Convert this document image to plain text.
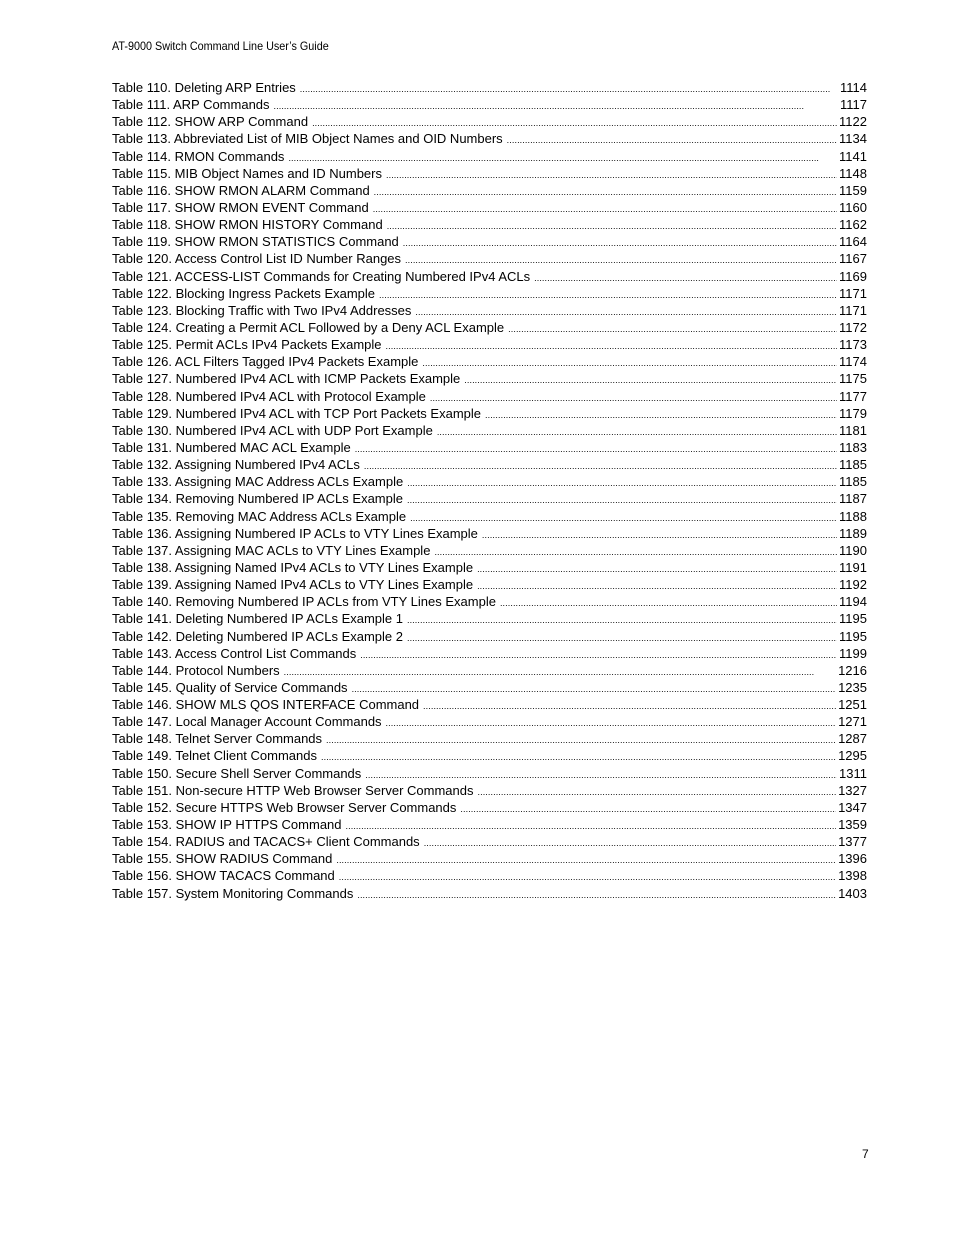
AT-9000 Switch Command Line User’s Guide
Table 110. Deleting ARP Entries . . .	1114
Table 111. ARP Commands . . .	1117
Table 112. SHOW ARP Command . . .	1122
Table 113. Abbreviated List of MIB Object Names and OID Numbers . . .	1134
Table 114. RMON Commands . . .	1141
Table 115. MIB Object Names and ID Numbers . . .	1148
Table 116. SHOW RMON ALARM Command . . .	1159
Table 117. SHOW RMON EVENT Command . . .	1160
Table 118. SHOW RMON HISTORY Command . . .	1162
Table 119. SHOW RMON STATISTICS Command . . .	1164
Table 120. Access Control List ID Number Ranges . . .	1167
Table 121. ACCESS-LIST Commands for Creating Numbered IPv4 ACLs . . .	1169
Table 122. Blocking Ingress Packets Example . . .	1171
Table 123. Blocking Traffic with Two IPv4 Addresses . . .	1171
Table 124. Creating a Permit ACL Followed by a Deny ACL Example . . .	1172
Table 125. Permit ACLs IPv4 Packets Example . . .	1173
Table 126. ACL Filters Tagged IPv4 Packets Example . . .	1174
Table 127. Numbered IPv4 ACL with ICMP Packets Example . . .	1175
Table 128. Numbered IPv4 ACL with Protocol Example . . .	1177
Table 129. Numbered IPv4 ACL with TCP Port Packets Example . . .	1179
Table 130. Numbered IPv4 ACL with UDP Port Example . . .	1181
Table 131. Numbered MAC ACL Example . . .	1183
Table 132. Assigning Numbered IPv4 ACLs . . .	1185
Table 133. Assigning MAC Address ACLs Example . . .	1185
Table 134. Removing Numbered IP ACLs Example . . .	1187
Table 135. Removing MAC Address ACLs Example . . .	1188
Table 136. Assigning Numbered IP ACLs to VTY Lines Example . . .	1189
Table 137. Assigning MAC ACLs to VTY Lines Example . . .	1190
Table 138. Assigning Named IPv4 ACLs to VTY Lines Example . . .	1191
Table 139. Assigning Named IPv4 ACLs to VTY Lines Example . . .	1192
Table 140. Removing Numbered IP ACLs from VTY Lines Example . . .	1194
Table 141. Deleting Numbered IP ACLs Example 1 . . .	1195
Table 142. Deleting Numbered IP ACLs Example 2 . . .	1195
Table 143. Access Control List Commands . . .	1199
Table 144. Protocol Numbers . . .	1216
Table 145. Quality of Service Commands . . .	1235
Table 146. SHOW MLS QOS INTERFACE Command . . .	1251
Table 147. Local Manager Account Commands . . .	1271
Table 148. Telnet Server Commands . . .	1287
Table 149. Telnet Client Commands . . .	1295
Table 150. Secure Shell Server Commands . . .	1311
Table 151. Non-secure HTTP Web Browser Server Commands . . .	1327
Table 152. Secure HTTPS Web Browser Server Commands . . .	1347
Table 153. SHOW IP HTTPS Command . . .	1359
Table 154. RADIUS and TACACS+ Client Commands . . .	1377
Table 155. SHOW RADIUS Command . . .	1396
Table 156. SHOW TACACS Command . . .	1398
Table 157. System Monitoring Commands . . .	1403
7
